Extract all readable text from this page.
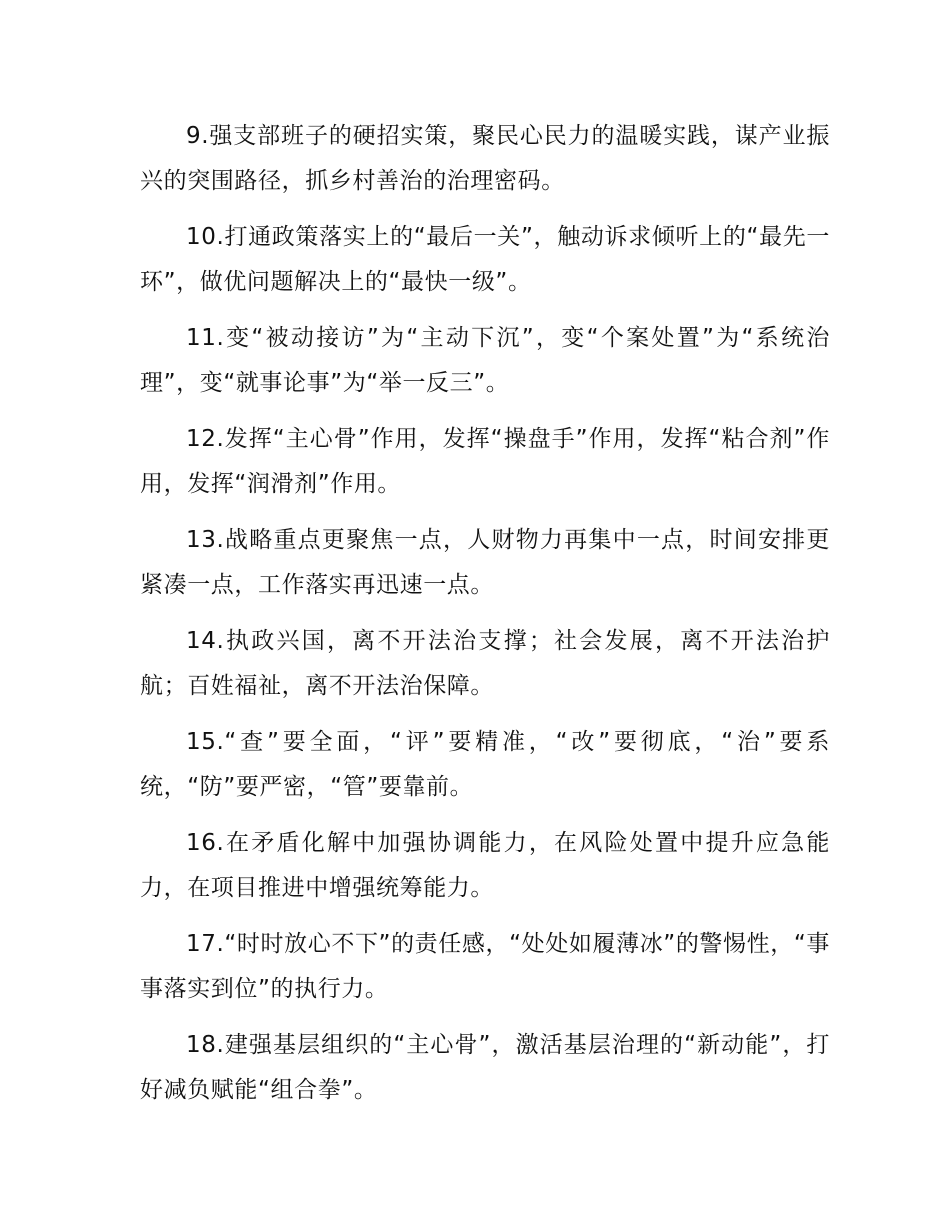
9.强支部班子的硬招实策，聚民心民力的温暖实践，谋产业振兴的突围路径，抓乡村善治的治理密码。

10.打通政策落实上的“最后一关”，触动诉求倾听上的“最先一环”，做优问题解决上的“最快一级”。

11.变“被动接访”为“主动下沉”，变“个案处置”为“系统治理”，变“就事论事”为“举一反三”。

12.发挥“主心骨”作用，发挥“操盘手”作用，发挥“粘合剂”作用，发挥“润滑剂”作用。

13.战略重点更聚焦一点，人财物力再集中一点，时间安排更紧凑一点，工作落实再迅速一点。

14.执政兴国，离不开法治支撑；社会发展，离不开法治护航；百姓福祉，离不开法治保障。

15.“查”要全面，“评”要精准，“改”要彻底，“治”要系统，“防”要严密，“管”要靠前。

16.在矛盾化解中加强协调能力，在风险处置中提升应急能力，在项目推进中增强统筹能力。

17.“时时放心不下”的责任感，“处处如履薄冰”的警惕性，“事事落实到位”的执行力。

18.建强基层组织的“主心骨”，激活基层治理的“新动能”，打好减负赋能“组合拳”。
